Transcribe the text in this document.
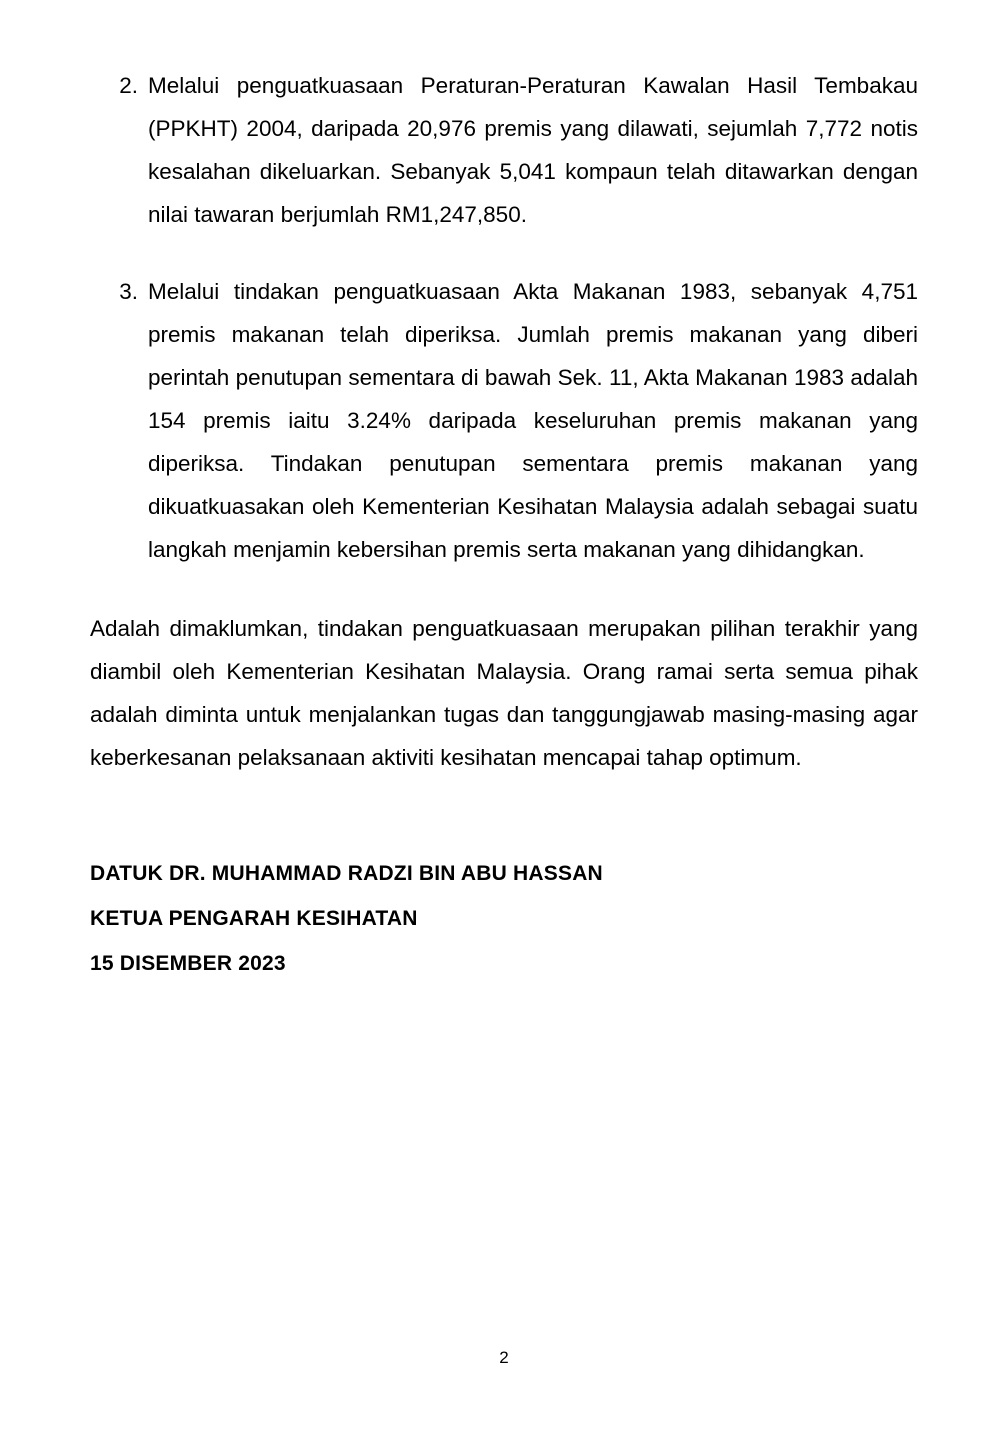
2. Melalui penguatkuasaan Peraturan-Peraturan Kawalan Hasil Tembakau (PPKHT) 2004, daripada 20,976 premis yang dilawati, sejumlah 7,772 notis kesalahan dikeluarkan. Sebanyak 5,041 kompaun telah ditawarkan dengan nilai tawaran berjumlah RM1,247,850.
3. Melalui tindakan penguatkuasaan Akta Makanan 1983, sebanyak 4,751 premis makanan telah diperiksa. Jumlah premis makanan yang diberi perintah penutupan sementara di bawah Sek. 11, Akta Makanan 1983 adalah 154 premis iaitu 3.24% daripada keseluruhan premis makanan yang diperiksa. Tindakan penutupan sementara premis makanan yang dikuatkuasakan oleh Kementerian Kesihatan Malaysia adalah sebagai suatu langkah menjamin kebersihan premis serta makanan yang dihidangkan.

Adalah dimaklumkan, tindakan penguatkuasaan merupakan pilihan terakhir yang diambil oleh Kementerian Kesihatan Malaysia. Orang ramai serta semua pihak adalah diminta untuk menjalankan tugas dan tanggungjawab masing-masing agar keberkesanan pelaksanaan aktiviti kesihatan mencapai tahap optimum.

DATUK DR. MUHAMMAD RADZI BIN ABU HASSAN
KETUA PENGARAH KESIHATAN
15 DISEMBER 2023
2
